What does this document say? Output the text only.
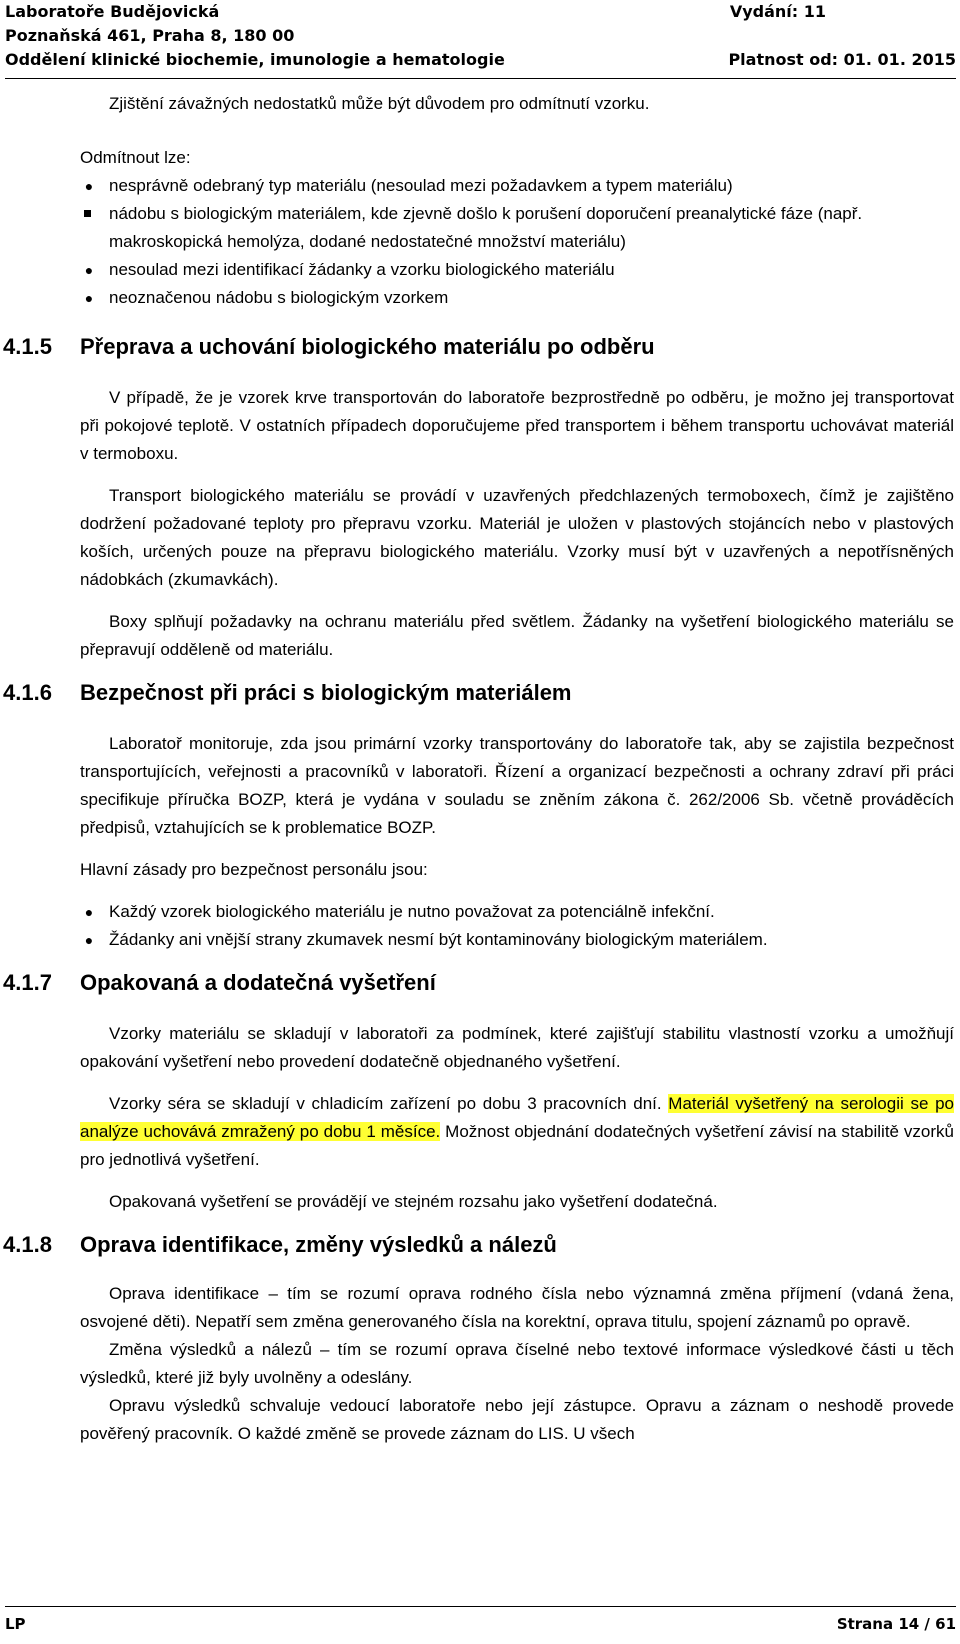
Laboratoře Budějovická	Vydání: 11
Poznaňská 461, Praha 8, 180 00
Oddělení klinické biochemie, imunologie a hematologie	Platnost od: 01. 01. 2015

Zjištění závažných nedostatků může být důvodem pro odmítnutí vzorku.

Odmítnout lze:

● nesprávně odebraný typ materiálu (nesoulad mezi požadavkem a typem materiálu)
nádobu s biologickým materiálem, kde zjevně došlo k porušení doporučení preanalytické fáze (např. makroskopická hemolýza, dodané nedostatečné množství materiálu)
● nesoulad mezi identifikací žádanky a vzorku biologického materiálu
● neoznačenou nádobu s biologickým vzorkem
4.1.5 Přeprava a uchování biologického materiálu po odběru

V případě, že je vzorek krve transportován do laboratoře bezprostředně po odběru, je možno jej transportovat při pokojové teplotě. V ostatních případech doporučujeme před transportem i během transportu uchovávat materiál v termoboxu.

Transport biologického materiálu se provádí v uzavřených předchlazených termoboxech, čímž je zajištěno dodržení požadované teploty pro přepravu vzorku. Materiál je uložen v plastových stojáncích nebo v plastových koších, určených pouze na přepravu biologického materiálu. Vzorky musí být v uzavřených a nepotřísněných nádobkách (zkumavkách).

Boxy splňují požadavky na ochranu materiálu před světlem. Žádanky na vyšetření biologického materiálu se přepravují odděleně od materiálu.

4.1.6 Bezpečnost při práci s biologickým materiálem

Laboratoř monitoruje, zda jsou primární vzorky transportovány do laboratoře tak, aby se zajistila bezpečnost transportujících, veřejnosti a pracovníků v laboratoři. Řízení a organizací bezpečnosti a ochrany zdraví při práci specifikuje příručka BOZP, která je vydána v souladu se zněním zákona č. 262/2006 Sb. včetně prováděcích předpisů, vztahujících se k problematice BOZP.

Hlavní zásady pro bezpečnost personálu jsou:

● Každý vzorek biologického materiálu je nutno považovat za potenciálně infekční.
● Žádanky ani vnější strany zkumavek nesmí být kontaminovány biologickým materiálem.
4.1.7 Opakovaná a dodatečná vyšetření

Vzorky materiálu se skladují v laboratoři za podmínek, které zajišťují stabilitu vlastností vzorku a umožňují opakování vyšetření nebo provedení dodatečně objednaného vyšetření.

Vzorky séra se skladují v chladicím zařízení po dobu 3 pracovních dní. Materiál vyšetřený na serologii se po analýze uchovává zmražený po dobu 1 měsíce. Možnost objednání dodatečných vyšetření závisí na stabilitě vzorků pro jednotlivá vyšetření.

Opakovaná vyšetření se provádějí ve stejném rozsahu jako vyšetření dodatečná.

4.1.8 Oprava identifikace, změny výsledků a nálezů

Oprava identifikace – tím se rozumí oprava rodného čísla nebo významná změna příjmení (vdaná žena, osvojené děti). Nepatří sem změna generovaného čísla na korektní, oprava titulu, spojení záznamů po opravě.

Změna výsledků a nálezů – tím se rozumí oprava číselné nebo textové informace výsledkové části u těch výsledků, které již byly uvolněny a odeslány.

Opravu výsledků schvaluje vedoucí laboratoře nebo její zástupce. Opravu a záznam o neshodě provede pověřený pracovník. O každé změně se provede záznam do LIS. U všech

LP	Strana 14 / 61
